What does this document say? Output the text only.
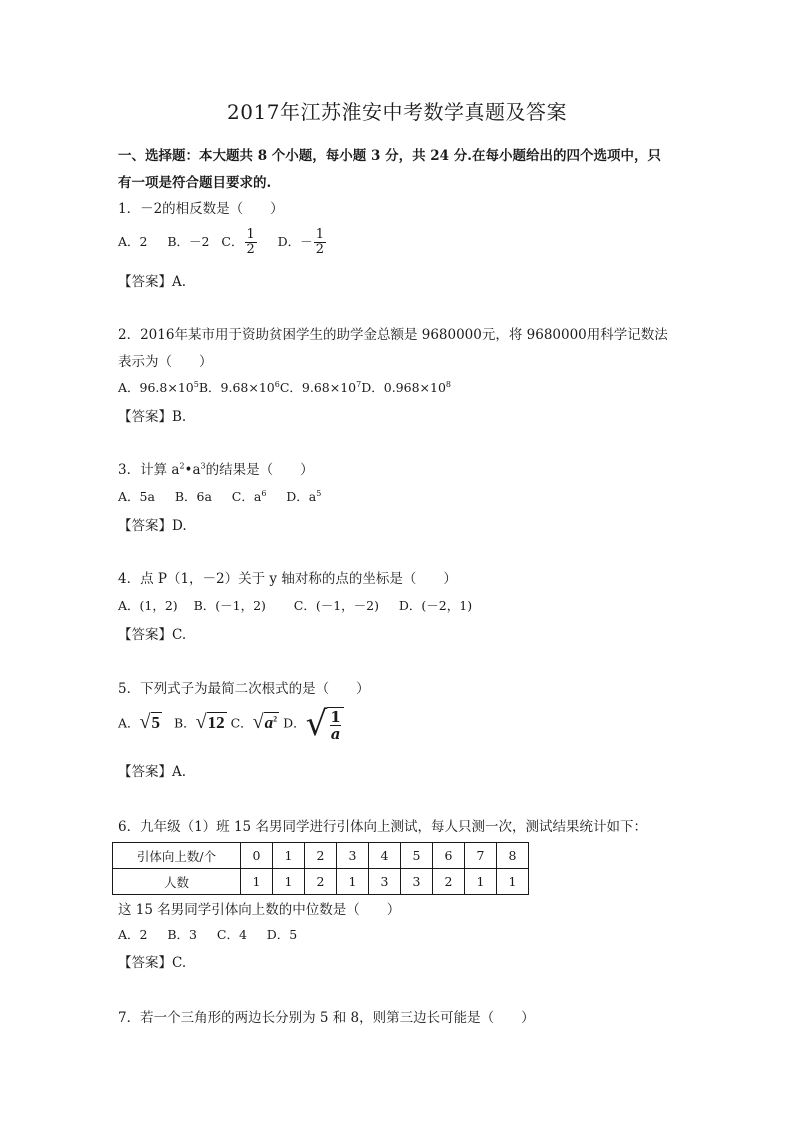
2017年江苏淮安中考数学真题及答案
一、选择题：本大题共 8 个小题，每小题 3 分，共 24 分.在每小题给出的四个选项中，只
有一项是符合题目要求的.
1．－2的相反数是（　　）
A．2 B．－2 C． $\frac{1}{2}$ D．－ $\frac{1}{2}$
【答案】A.
2．2016年某市用于资助贫困学生的助学金总额是 9680000元，将 9680000用科学记数法
表示为（　　）
A．$96.8\times 10^5B$．$9.68\times 10^6C$．$9.68\times 10^7D$．$0.968\times 10^8$
【答案】B.
3．计算 $a^2•a^3$的结果是（　　）
A．5a B．6a C．$a^6$ D．$a^5$
【答案】D.
4．点 P（1，－2）关于 y 轴对称的点的坐标是（　　）
A．(1，2) B．(－1，2) C．(－1，－2) D．(－2，1)
【答案】C.
5．下列式子为最简二次根式的是（　　）
A．√5 B．√12 C．$√a^2$ D．√ $\frac{1}{a}$
【答案】A.
6．九年级（1）班 15 名男同学进行引体向上测试，每人只测一次，测试结果统计如下：
引体向上数/个	0	1	2	3	4	5	6	7	8
人数	1	1	2	1	3	3	2	1	1
这 15 名男同学引体向上数的中位数是（　　）
A．2 B．3 C．4 D．5
【答案】C.
7．若一个三角形的两边长分别为 5 和 8，则第三边长可能是（　　）
